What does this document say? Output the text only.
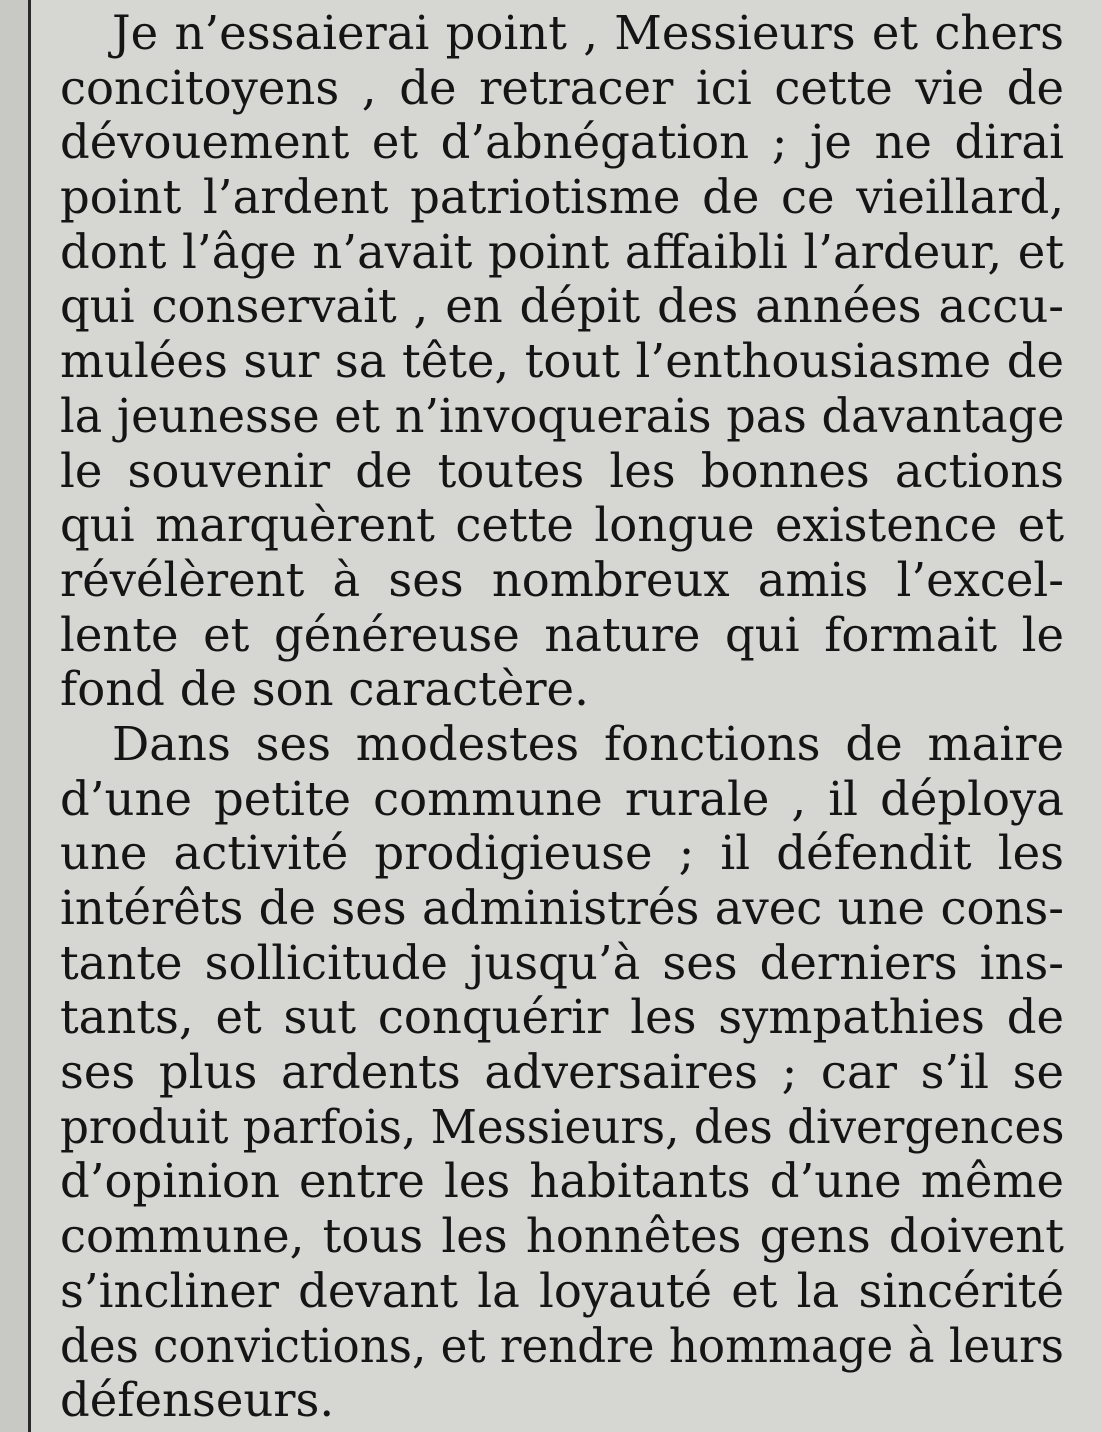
Je n’essaierai point , Messieurs et chers
concitoyens , de retracer ici cette vie de
dévouement et d’abnégation ; je ne dirai
point l’ardent patriotisme de ce vieillard,
dont l’âge n’avait point affaibli l’ardeur, et
qui conservait , en dépit des années accu-
mulées sur sa tête, tout l’enthousiasme de
la jeunesse et n’invoquerais pas davantage
le souvenir de toutes les bonnes actions
qui marquèrent cette longue existence et
révélèrent à ses nombreux amis l’excel-
lente et généreuse nature qui formait le
fond de son caractère.
Dans ses modestes fonctions de maire
d’une petite commune rurale , il déploya
une activité prodigieuse ; il défendit les
intérêts de ses administrés avec une cons-
tante sollicitude jusqu’à ses derniers ins-
tants, et sut conquérir les sympathies de
ses plus ardents adversaires ; car s’il se
produit parfois, Messieurs, des divergences
d’opinion entre les habitants d’une même
commune, tous les honnêtes gens doivent
s’incliner devant la loyauté et la sincérité
des convictions, et rendre hommage à leurs
défenseurs.
